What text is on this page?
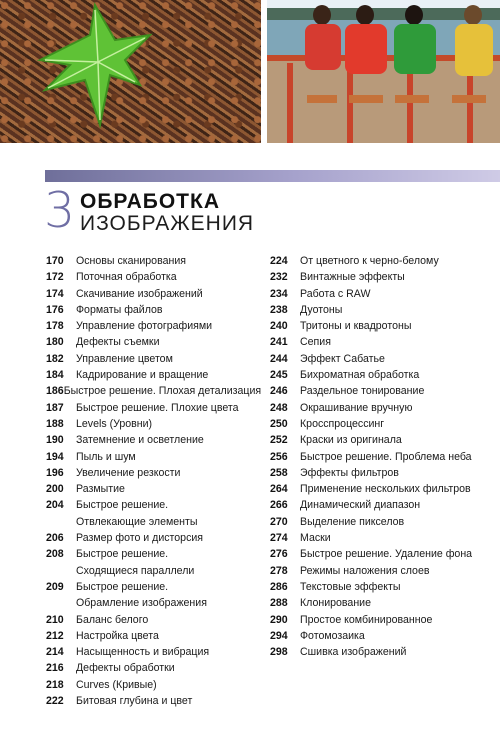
3 ОБРАБОТКА
ИЗОБРАЖЕНИЯ
170	Основы сканирования
172	Поточная обработка
174	Скачивание изображений
176	Форматы файлов
178	Управление фотографиями
180	Дефекты съемки
182	Управление цветом
184	Кадрирование и вращение
186 Быстрое решение. Плохая детализация
187	Быстрое решение. Плохие цвета
188	Levels (Уровни)
190	Затемнение и осветление
194	Пыль и шум
196	Увеличение резкости
200	Размытие
204	Быстрое решение.
Отвлекающие элементы
206	Размер фото и дисторсия
208	Быстрое решение.
Сходящиеся параллели
209	Быстрое решение.
Обрамление изображения
210	Баланс белого
212	Настройка цвета
214	Насыщенность и вибрация
216	Дефекты обработки
218	Curves (Кривые)
222	Битовая глубина и цвет
224	От цветного к черно-белому
232	Винтажные эффекты
234	Работа с RAW
238	Дуотоны
240	Тритоны и квадротоны
241	Сепия
244	Эффект Сабатье
245	Бихроматная обработка
246	Раздельное тонирование
248	Окрашивание вручную
250	Кросспроцессинг
252	Краски из оригинала
256	Быстрое решение. Проблема неба
258	Эффекты фильтров
264	Применение нескольких фильтров
266	Динамический диапазон
270	Выделение пикселов
274	Маски
276	Быстрое решение. Удаление фона
278	Режимы наложения слоев
286	Текстовые эффекты
288	Клонирование
290	Простое комбинированное
294	Фотомозаика
298	Сшивка изображений
